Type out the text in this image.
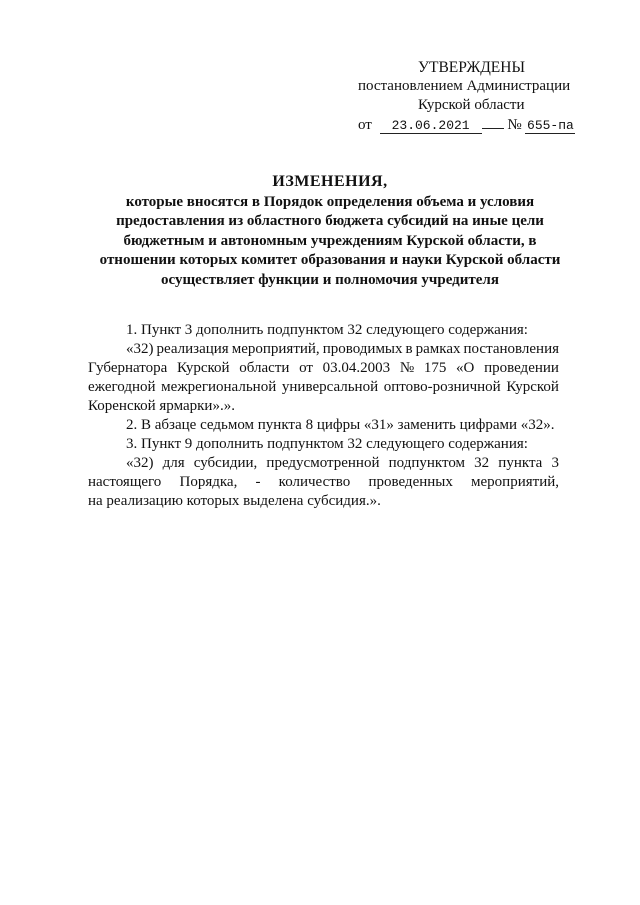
УТВЕРЖДЕНЫ
постановлением Администрации
Курской области
от 23.06.2021	№ 655-па
ИЗМЕНЕНИЯ,
которые вносятся в Порядок определения объема и условия
предоставления из областного бюджета субсидий на иные цели
бюджетным и автономным учреждениям Курской области, в
отношении которых комитет образования и науки Курской области
осуществляет функции и полномочия учредителя
1. Пункт 3 дополнить подпунктом 32 следующего содержания:
«32) реализация мероприятий, проводимых в рамках постановления
Губернатора Курской области от 03.04.2003 № 175 «О проведении
ежегодной межрегиональной универсальной оптово-розничной Курской
Коренской ярмарки».».
2. В абзаце седьмом пункта 8 цифры «31» заменить цифрами «32».
3. Пункт 9 дополнить подпунктом 32 следующего содержания:
«32) для субсидии, предусмотренной подпунктом 32 пункта 3
настоящего Порядка, - количество проведенных мероприятий,
на реализацию которых выделена субсидия.».
